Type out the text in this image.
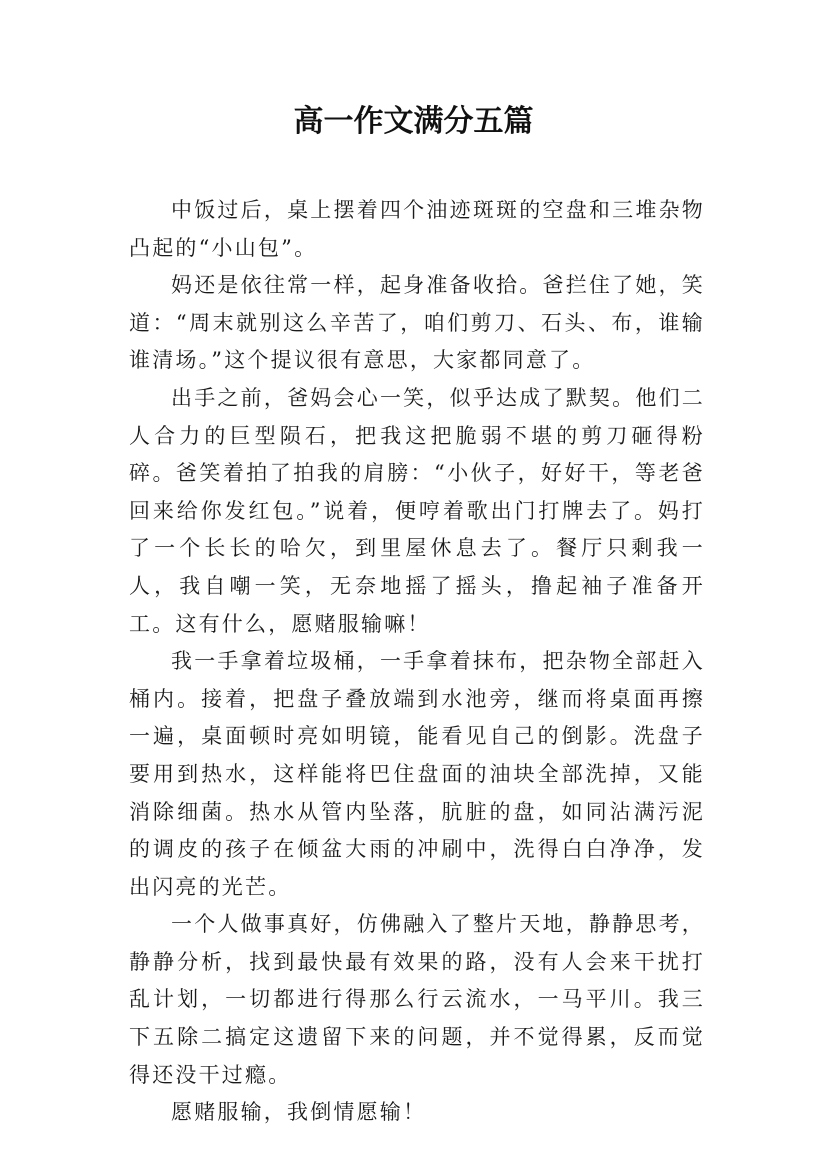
高一作文满分五篇

中饭过后，桌上摆着四个油迹斑斑的空盘和三堆杂物凸起的“小山包”。

妈还是依往常一样，起身准备收拾。爸拦住了她，笑道：“周末就别这么辛苦了，咱们剪刀、石头、布，谁输谁清场。”这个提议很有意思，大家都同意了。

出手之前，爸妈会心一笑，似乎达成了默契。他们二人合力的巨型陨石，把我这把脆弱不堪的剪刀砸得粉碎。爸笑着拍了拍我的肩膀：“小伙子，好好干，等老爸回来给你发红包。”说着，便哼着歌出门打牌去了。妈打了一个长长的哈欠，到里屋休息去了。餐厅只剩我一人，我自嘲一笑，无奈地摇了摇头，撸起袖子准备开工。这有什么，愿赌服输嘛！

我一手拿着垃圾桶，一手拿着抹布，把杂物全部赶入桶内。接着，把盘子叠放端到水池旁，继而将桌面再擦一遍，桌面顿时亮如明镜，能看见自己的倒影。洗盘子要用到热水，这样能将巴住盘面的油块全部洗掉，又能消除细菌。热水从管内坠落，肮脏的盘，如同沾满污泥的调皮的孩子在倾盆大雨的冲刷中，洗得白白净净，发出闪亮的光芒。

一个人做事真好，仿佛融入了整片天地，静静思考，静静分析，找到最快最有效果的路，没有人会来干扰打乱计划，一切都进行得那么行云流水，一马平川。我三下五除二搞定这遗留下来的问题，并不觉得累，反而觉得还没干过瘾。

愿赌服输，我倒情愿输！
